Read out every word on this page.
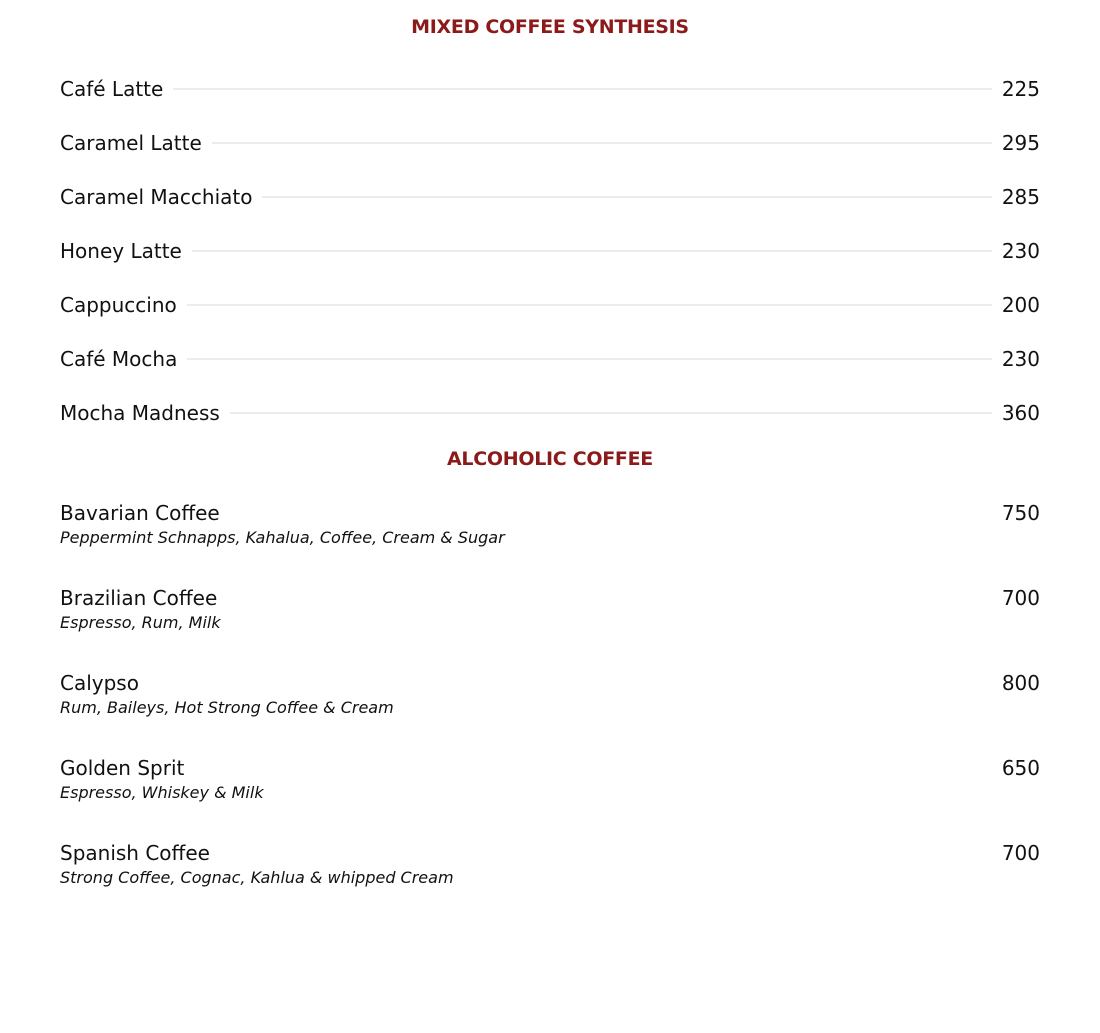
MIXED COFFEE SYNTHESIS
Café Latte	225
Caramel Latte	295
Caramel Macchiato	285
Honey Latte	230
Cappuccino	200
Café Mocha	230
Mocha Madness	360
ALCOHOLIC COFFEE
Bavarian Coffee	750
Peppermint Schnapps, Kahalua, Coffee, Cream & Sugar
Brazilian Coffee	700
Espresso, Rum, Milk
Calypso	800
Rum, Baileys, Hot Strong Coffee & Cream
Golden Sprit	650
Espresso, Whiskey & Milk
Spanish Coffee	700
Strong Coffee, Cognac, Kahlua & whipped Cream
